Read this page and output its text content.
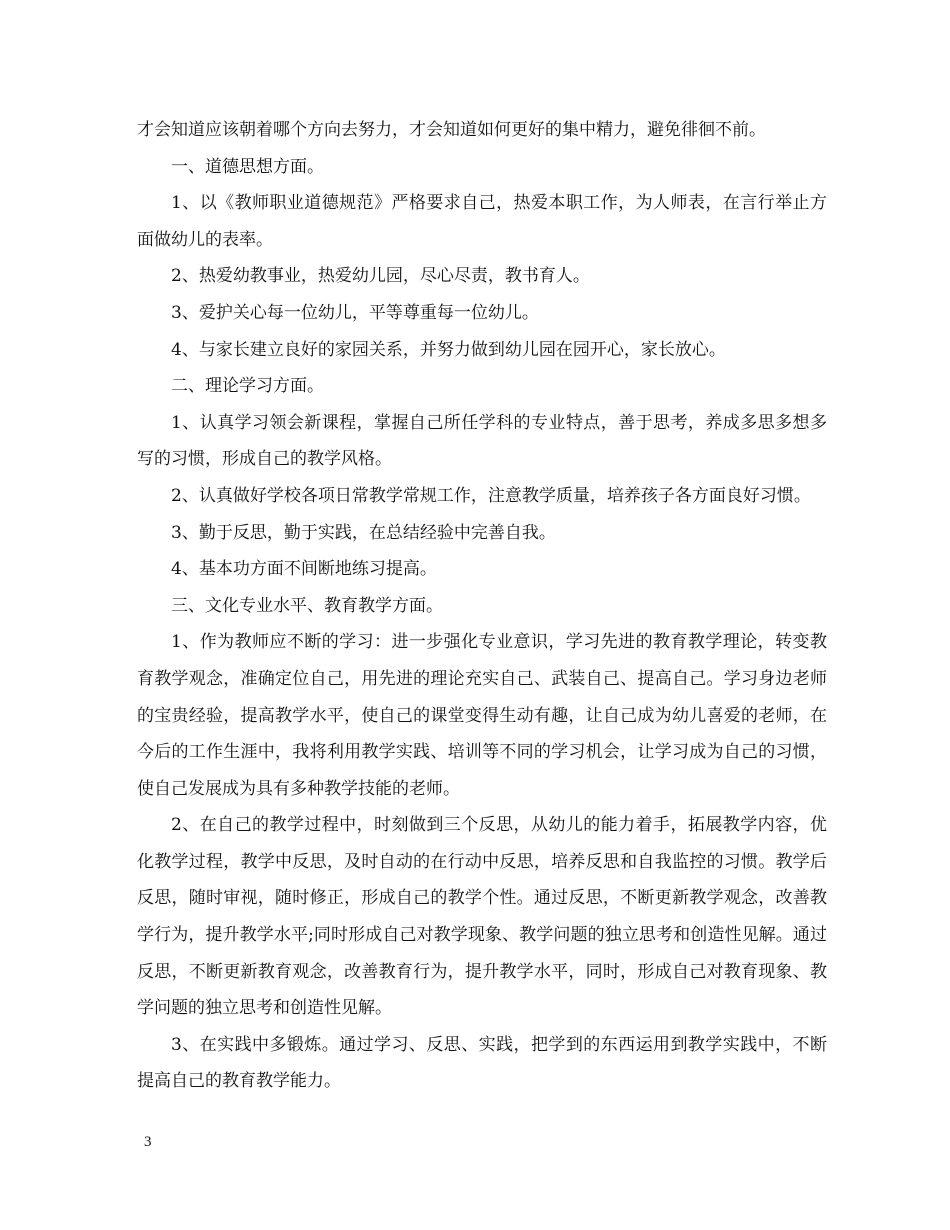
才会知道应该朝着哪个方向去努力，才会知道如何更好的集中精力，避免徘徊不前。

一、道德思想方面。

1、以《教师职业道德规范》严格要求自己，热爱本职工作，为人师表，在言行举止方面做幼儿的表率。

2、热爱幼教事业，热爱幼儿园，尽心尽责，教书育人。

3、爱护关心每一位幼儿，平等尊重每一位幼儿。

4、与家长建立良好的家园关系，并努力做到幼儿园在园开心，家长放心。

二、理论学习方面。

1、认真学习领会新课程，掌握自己所任学科的专业特点，善于思考，养成多思多想多写的习惯，形成自己的教学风格。

2、认真做好学校各项日常教学常规工作，注意教学质量，培养孩子各方面良好习惯。

3、勤于反思，勤于实践，在总结经验中完善自我。

4、基本功方面不间断地练习提高。

三、文化专业水平、教育教学方面。

1、作为教师应不断的学习：进一步强化专业意识，学习先进的教育教学理论，转变教育教学观念，准确定位自己，用先进的理论充实自己、武装自己、提高自己。学习身边老师的宝贵经验，提高教学水平，使自己的课堂变得生动有趣，让自己成为幼儿喜爱的老师，在今后的工作生涯中，我将利用教学实践、培训等不同的学习机会，让学习成为自己的习惯，使自己发展成为具有多种教学技能的老师。

2、在自己的教学过程中，时刻做到三个反思，从幼儿的能力着手，拓展教学内容，优化教学过程，教学中反思，及时自动的在行动中反思，培养反思和自我监控的习惯。教学后反思，随时审视，随时修正，形成自己的教学个性。通过反思，不断更新教学观念，改善教学行为，提升教学水平;同时形成自己对教学现象、教学问题的独立思考和创造性见解。通过反思，不断更新教育观念，改善教育行为，提升教学水平，同时，形成自己对教育现象、教学问题的独立思考和创造性见解。

3、在实践中多锻炼。通过学习、反思、实践，把学到的东西运用到教学实践中，不断提高自己的教育教学能力。

3
